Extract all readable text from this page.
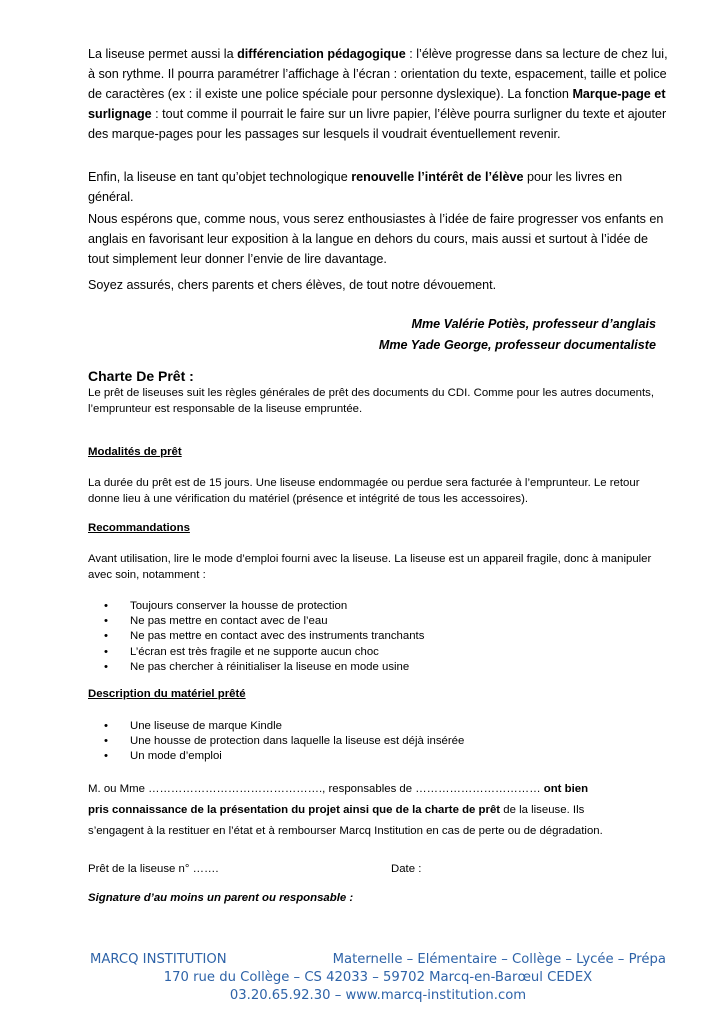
La liseuse permet aussi la différenciation pédagogique : l’élève progresse dans sa lecture de chez lui, à son rythme. Il pourra paramétrer l’affichage à l’écran : orientation du texte, espacement, taille et police de caractères (ex : il existe une police spéciale pour personne dyslexique). La fonction Marque-page et surlignage : tout comme il pourrait le faire sur un livre papier, l’élève pourra surligner du texte et ajouter des marque-pages pour les passages sur lesquels il voudrait éventuellement revenir.

Enfin, la liseuse en tant qu’objet technologique renouvelle l’intérêt de l’élève pour les livres en général.

Nous espérons que, comme nous, vous serez enthousiastes à l’idée de faire progresser vos enfants en anglais en favorisant leur exposition à la langue en dehors du cours, mais aussi et surtout à l’idée de tout simplement leur donner l’envie de lire davantage.

Soyez assurés, chers parents et chers élèves, de tout notre dévouement.

Mme Valérie Potiès, professeur d’anglais
Mme Yade George, professeur documentaliste
Charte De Prêt :

Le prêt de liseuses suit les règles générales de prêt des documents du CDI. Comme pour les autres documents, l’emprunteur est responsable de la liseuse empruntée.

Modalités de prêt

La durée du prêt est de 15 jours. Une liseuse endommagée ou perdue sera facturée à l’emprunteur. Le retour donne lieu à une vérification du matériel (présence et intégrité de tous les accessoires).

Recommandations

Avant utilisation, lire le mode d’emploi fourni avec la liseuse. La liseuse est un appareil fragile, donc à manipuler avec soin, notamment :

• Toujours conserver la housse de protection
• Ne pas mettre en contact avec de l’eau
• Ne pas mettre en contact avec des instruments tranchants
• L’écran est très fragile et ne supporte aucun choc
• Ne pas chercher à réinitialiser la liseuse en mode usine
Description du matériel prêté
• Une liseuse de marque Kindle
• Une housse de protection dans laquelle la liseuse est déjà insérée
• Un mode d’emploi

M. ou Mme ………………………………………., responsables de …………………………… ont bien

pris connaissance de la présentation du projet ainsi que de la charte de prêt de la liseuse. Ils

s’engagent à la restituer en l’état et à rembourser Marcq Institution en cas de perte ou de dégradation.

Prêt de la liseuse n° …….	Date :
Signature d’au moins un parent ou responsable :
MARCQ INSTITUTION	Maternelle – Elémentaire – Collège – Lycée – Prépa
170 rue du Collège – CS 42033 – 59702 Marcq-en-Barœul CEDEX
03.20.65.92.30 – www.marcq-institution.com
